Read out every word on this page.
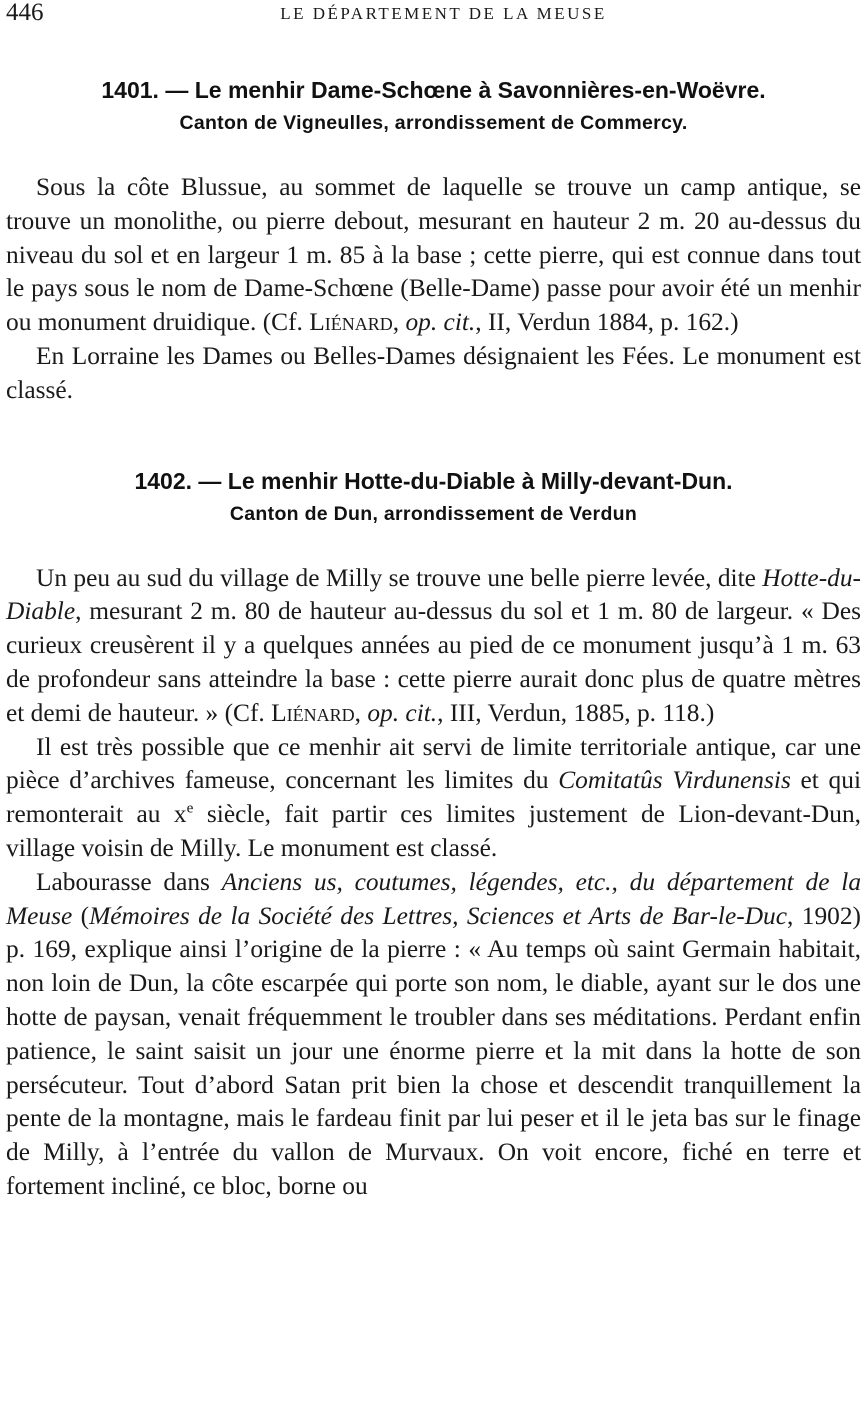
446	LE DÉPARTEMENT DE LA MEUSE
1401. — Le menhir Dame-Schœne à Savonnières-en-Woëvre.
Canton de Vigneulles, arrondissement de Commercy.

Sous la côte Blussue, au sommet de laquelle se trouve un camp antique, se trouve un monolithe, ou pierre debout, mesurant en hauteur 2 m. 20 au-dessus du niveau du sol et en largeur 1 m. 85 à la base ; cette pierre, qui est connue dans tout le pays sous le nom de Dame-Schœne (Belle-Dame) passe pour avoir été un menhir ou monument druidique. (Cf. Liénard, op. cit., II, Verdun 1884, p. 162.)

En Lorraine les Dames ou Belles-Dames désignaient les Fées. Le monument est classé.

1402. — Le menhir Hotte-du-Diable à Milly-devant-Dun.
Canton de Dun, arrondissement de Verdun

Un peu au sud du village de Milly se trouve une belle pierre levée, dite Hotte-du-Diable, mesurant 2 m. 80 de hauteur au-dessus du sol et 1 m. 80 de largeur. « Des curieux creusèrent il y a quelques années au pied de ce monument jusqu’à 1 m. 63 de profondeur sans atteindre la base : cette pierre aurait donc plus de quatre mètres et demi de hauteur. » (Cf. Liénard, op. cit., III, Verdun, 1885, p. 118.)

Il est très possible que ce menhir ait servi de limite territoriale antique, car une pièce d’archives fameuse, concernant les limites du Comitatûs Virdunensis et qui remonterait au $x^e$ siècle, fait partir ces limites justement de Lion-devant-Dun, village voisin de Milly. Le monument est classé.

Labourasse dans Anciens us, coutumes, légendes, etc., du département de la Meuse (Mémoires de la Société des Lettres, Sciences et Arts de Bar-le-Duc, 1902) p. 169, explique ainsi l’origine de la pierre : « Au temps où saint Germain habitait, non loin de Dun, la côte escarpée qui porte son nom, le diable, ayant sur le dos une hotte de paysan, venait fréquemment le troubler dans ses méditations. Perdant enfin patience, le saint saisit un jour une énorme pierre et la mit dans la hotte de son persécuteur. Tout d’abord Satan prit bien la chose et descendit tranquillement la pente de la montagne, mais le fardeau finit par lui peser et il le jeta bas sur le finage de Milly, à l’entrée du vallon de Murvaux. On voit encore, fiché en terre et fortement incliné, ce bloc, borne ou
